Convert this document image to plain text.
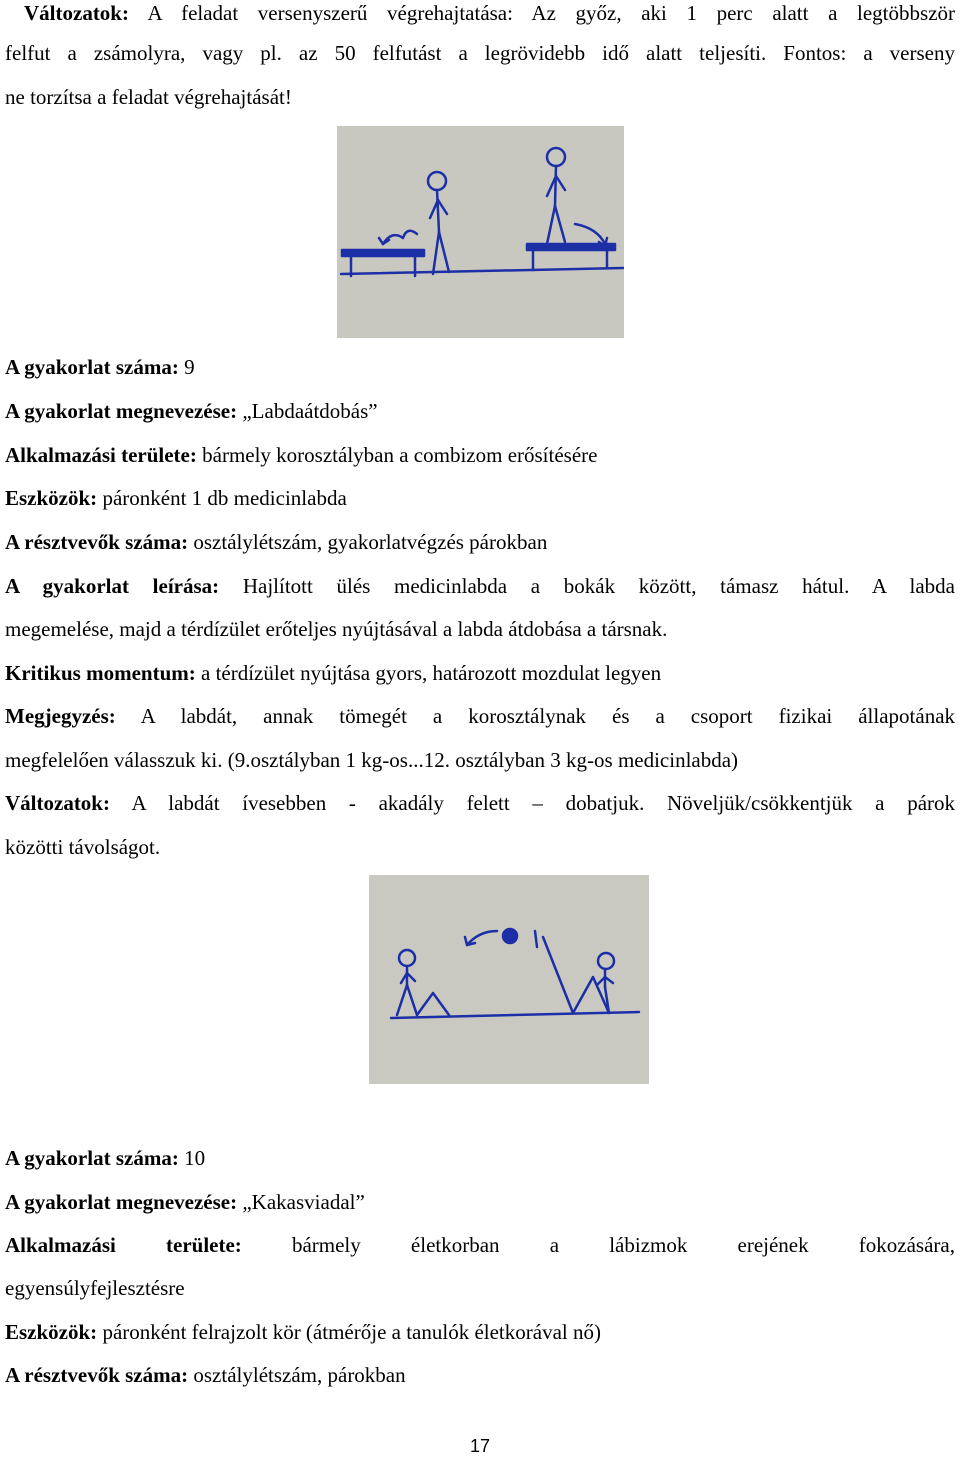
Változatok: A feladat versenyszerű végrehajtatása: Az győz, aki 1 perc alatt a legtöbbször

felfut a zsámolyra, vagy pl. az 50 felfutást a legrövidebb idő alatt teljesíti. Fontos: a verseny

ne torzítsa a feladat végrehajtását!

A gyakorlat száma: 9

A gyakorlat megnevezése: „Labdaátdobás”

Alkalmazási területe: bármely korosztályban a combizom erősítésére

Eszközök: páronként 1 db medicinlabda

A résztvevők száma: osztálylétszám, gyakorlatvégzés párokban

A gyakorlat leírása: Hajlított ülés medicinlabda a bokák között, támasz hátul. A labda

megemelése, majd a térdízület erőteljes nyújtásával a labda átdobása a társnak.

Kritikus momentum: a térdízület nyújtása gyors, határozott mozdulat legyen

Megjegyzés: A labdát, annak tömegét a korosztálynak és a csoport fizikai állapotának

megfelelően válasszuk ki. (9.osztályban 1 kg-os...12. osztályban 3 kg-os medicinlabda)

Változatok: A labdát ívesebben - akadály felett – dobatjuk. Növeljük/csökkentjük a párok

közötti távolságot.

A gyakorlat száma: 10

A gyakorlat megnevezése: „Kakasviadal”

Alkalmazási területe: bármely életkorban a lábizmok erejének fokozására,

egyensúlyfejlesztésre

Eszközök: páronként felrajzolt kör (átmérője a tanulók életkorával nő)

A résztvevők száma: osztálylétszám, párokban

17
